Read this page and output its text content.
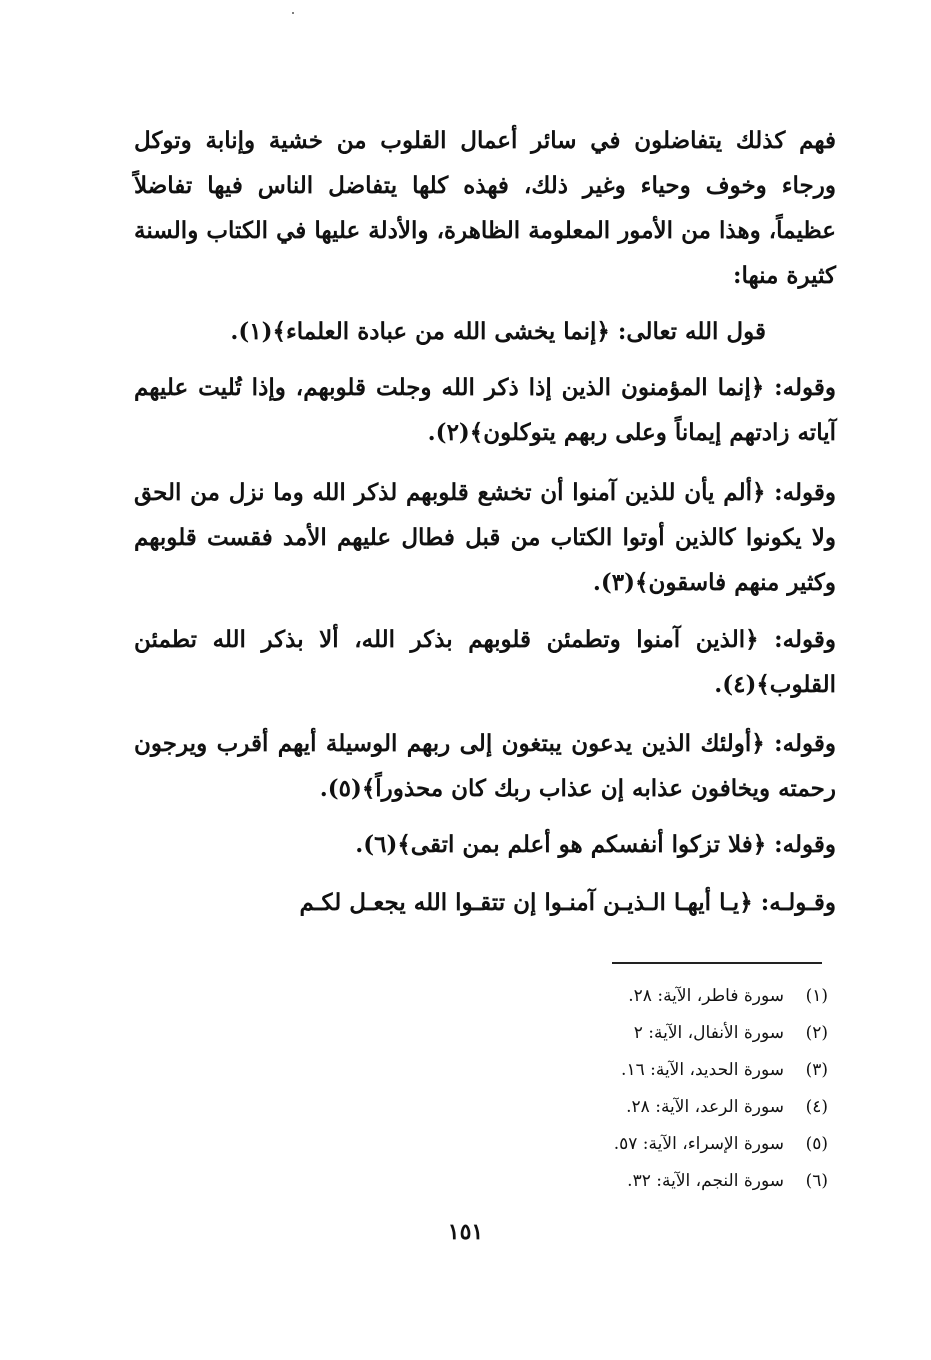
فهم كذلك يتفاضلون في سائر أعمال القلوب من خشية وإنابة وتوكل ورجاء وخوف وحياء وغير ذلك، فهذه كلها يتفاضل الناس فيها تفاضلاً عظيماً، وهذا من الأمور المعلومة الظاهرة، والأدلة عليها في الكتاب والسنة كثيرة منها:

قول الله تعالى: ﴿إنما يخشى الله من عبادة العلماء﴾(١).

وقوله: ﴿إنما المؤمنون الذين إذا ذكر الله وجلت قلوبهم، وإذا تُليت عليهم آياته زادتهم إيماناً وعلى ربهم يتوكلون﴾(٢).

وقوله: ﴿ألم يأن للذين آمنوا أن تخشع قلوبهم لذكر الله وما نزل من الحق ولا يكونوا كالذين أوتوا الكتاب من قبل فطال عليهم الأمد فقست قلوبهم وكثير منهم فاسقون﴾(٣).

وقوله: ﴿الذين آمنوا وتطمئن قلوبهم بذكر الله، ألا بذكر الله تطمئن القلوب﴾(٤).

وقوله: ﴿أولئك الذين يدعون يبتغون إلى ربهم الوسيلة أيهم أقرب ويرجون رحمته ويخافون عذابه إن عذاب ربك كان محذوراً﴾(٥).

وقوله: ﴿فلا تزكوا أنفسكم هو أعلم بمن اتقى﴾(٦).

وقـولـه: ﴿يـا أيهـا الـذيـن آمنـوا إن تتقـوا الله يجعـل لكـم

(١)
سورة فاطر، الآية: ٢٨.
(٢)
سورة الأنفال، الآية: ٢
(٣)
سورة الحديد، الآية: ١٦.
(٤)
سورة الرعد، الآية: ٢٨.
(٥)
سورة الإسراء، الآية: ٥٧.
(٦)
سورة النجم، الآية: ٣٢.
١٥١
